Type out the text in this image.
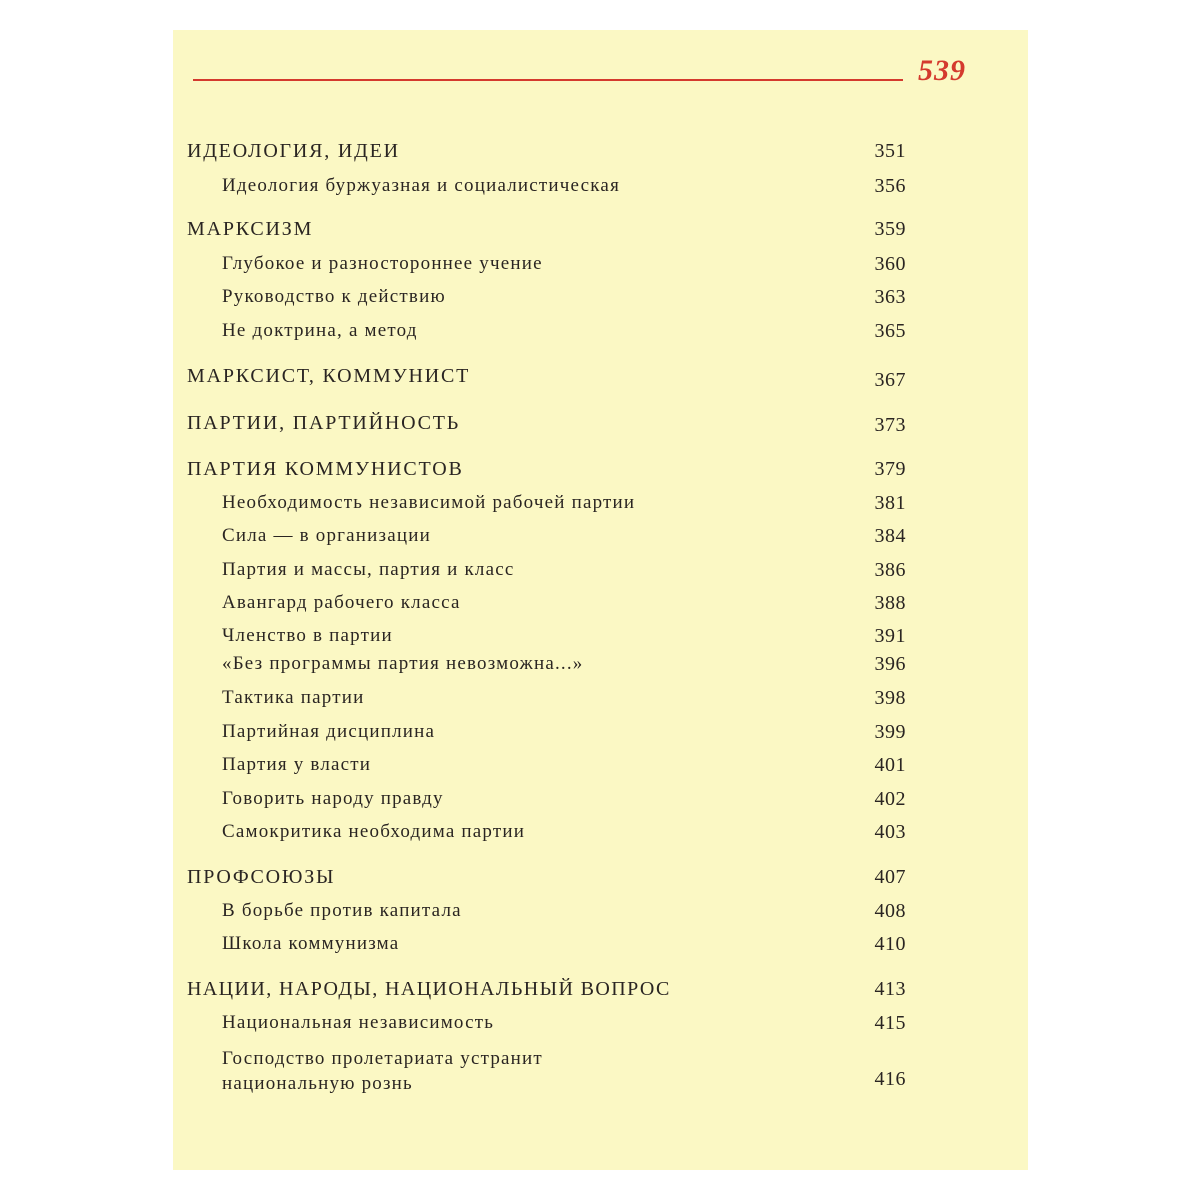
539
ИДЕОЛОГИЯ, ИДЕИ	351
Идеология буржуазная и социалистическая	356
МАРКСИЗМ	359
Глубокое и разностороннее учение	360
Руководство к действию	363
Не доктрина, а метод	365
МАРКСИСТ, КОММУНИСТ	367
ПАРТИИ, ПАРТИЙНОСТЬ	373
ПАРТИЯ КОММУНИСТОВ	379
Необходимость независимой рабочей партии	381
Сила — в организации	384
Партия и массы, партия и класс	386
Авангард рабочего класса	388
Членство в партии	391
«Без программы партия невозможна...»	396
Тактика партии	398
Партийная дисциплина	399
Партия у власти	401
Говорить народу правду	402
Самокритика необходима партии	403
ПРОФСОЮЗЫ	407
В борьбе против капитала	408
Школа коммунизма	410
НАЦИИ, НАРОДЫ, НАЦИОНАЛЬНЫЙ ВОПРОС	413
Национальная независимость	415
Господство пролетариата устранит
национальную рознь	416
